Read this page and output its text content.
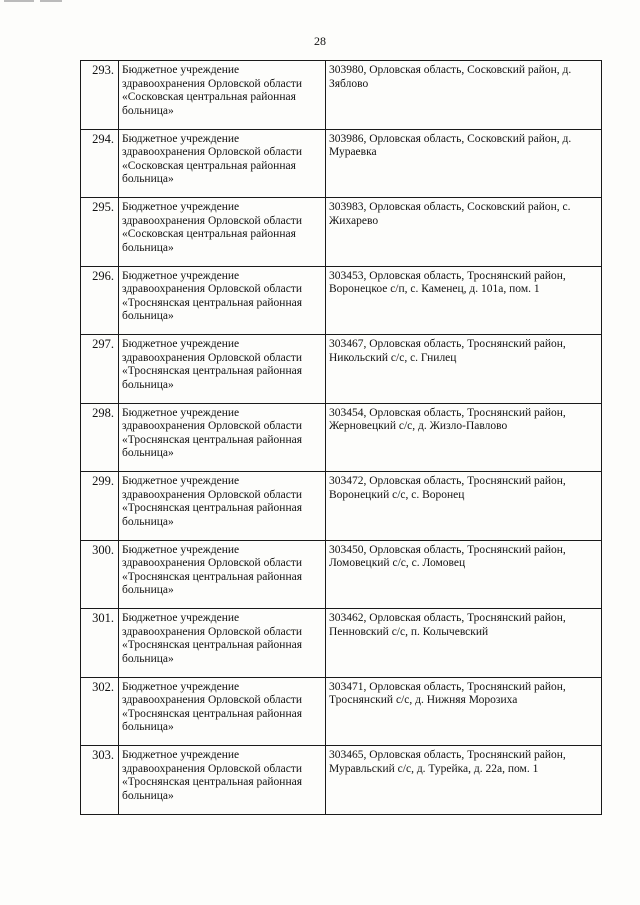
28
293.	Бюджетное учреждение здравоохранения Орловской области «Сосковская центральная районная больница»	303980, Орловская область, Сосковский район, д. Зяблово
294.	Бюджетное учреждение здравоохранения Орловской области «Сосковская центральная районная больница»	303986, Орловская область, Сосковский район, д. Мураевка
295.	Бюджетное учреждение здравоохранения Орловской области «Сосковская центральная районная больница»	303983, Орловская область, Сосковский район, с. Жихарево
296.	Бюджетное учреждение здравоохранения Орловской области «Троснянская центральная районная больница»	303453, Орловская область, Троснянский район, Воронецкое с/п, с. Каменец, д. 101а, пом. 1
297.	Бюджетное учреждение здравоохранения Орловской области «Троснянская центральная районная больница»	303467, Орловская область, Троснянский район, Никольский с/с, с. Гнилец
298.	Бюджетное учреждение здравоохранения Орловской области «Троснянская центральная районная больница»	303454, Орловская область, Троснянский район, Жерновецкий с/с, д. Жизло-Павлово
299.	Бюджетное учреждение здравоохранения Орловской области «Троснянская центральная районная больница»	303472, Орловская область, Троснянский район, Воронецкий с/с, с. Воронец
300.	Бюджетное учреждение здравоохранения Орловской области «Троснянская центральная районная больница»	303450, Орловская область, Троснянский район, Ломовецкий с/с, с. Ломовец
301.	Бюджетное учреждение здравоохранения Орловской области «Троснянская центральная районная больница»	303462, Орловская область, Троснянский район, Пенновский с/с, п. Колычевский
302.	Бюджетное учреждение здравоохранения Орловской области «Троснянская центральная районная больница»	303471, Орловская область, Троснянский район, Троснянский с/с, д. Нижняя Морозиха
303.	Бюджетное учреждение здравоохранения Орловской области «Троснянская центральная районная больница»	303465, Орловская область, Троснянский район, Муравльский с/с, д. Турейка, д. 22а, пом. 1
